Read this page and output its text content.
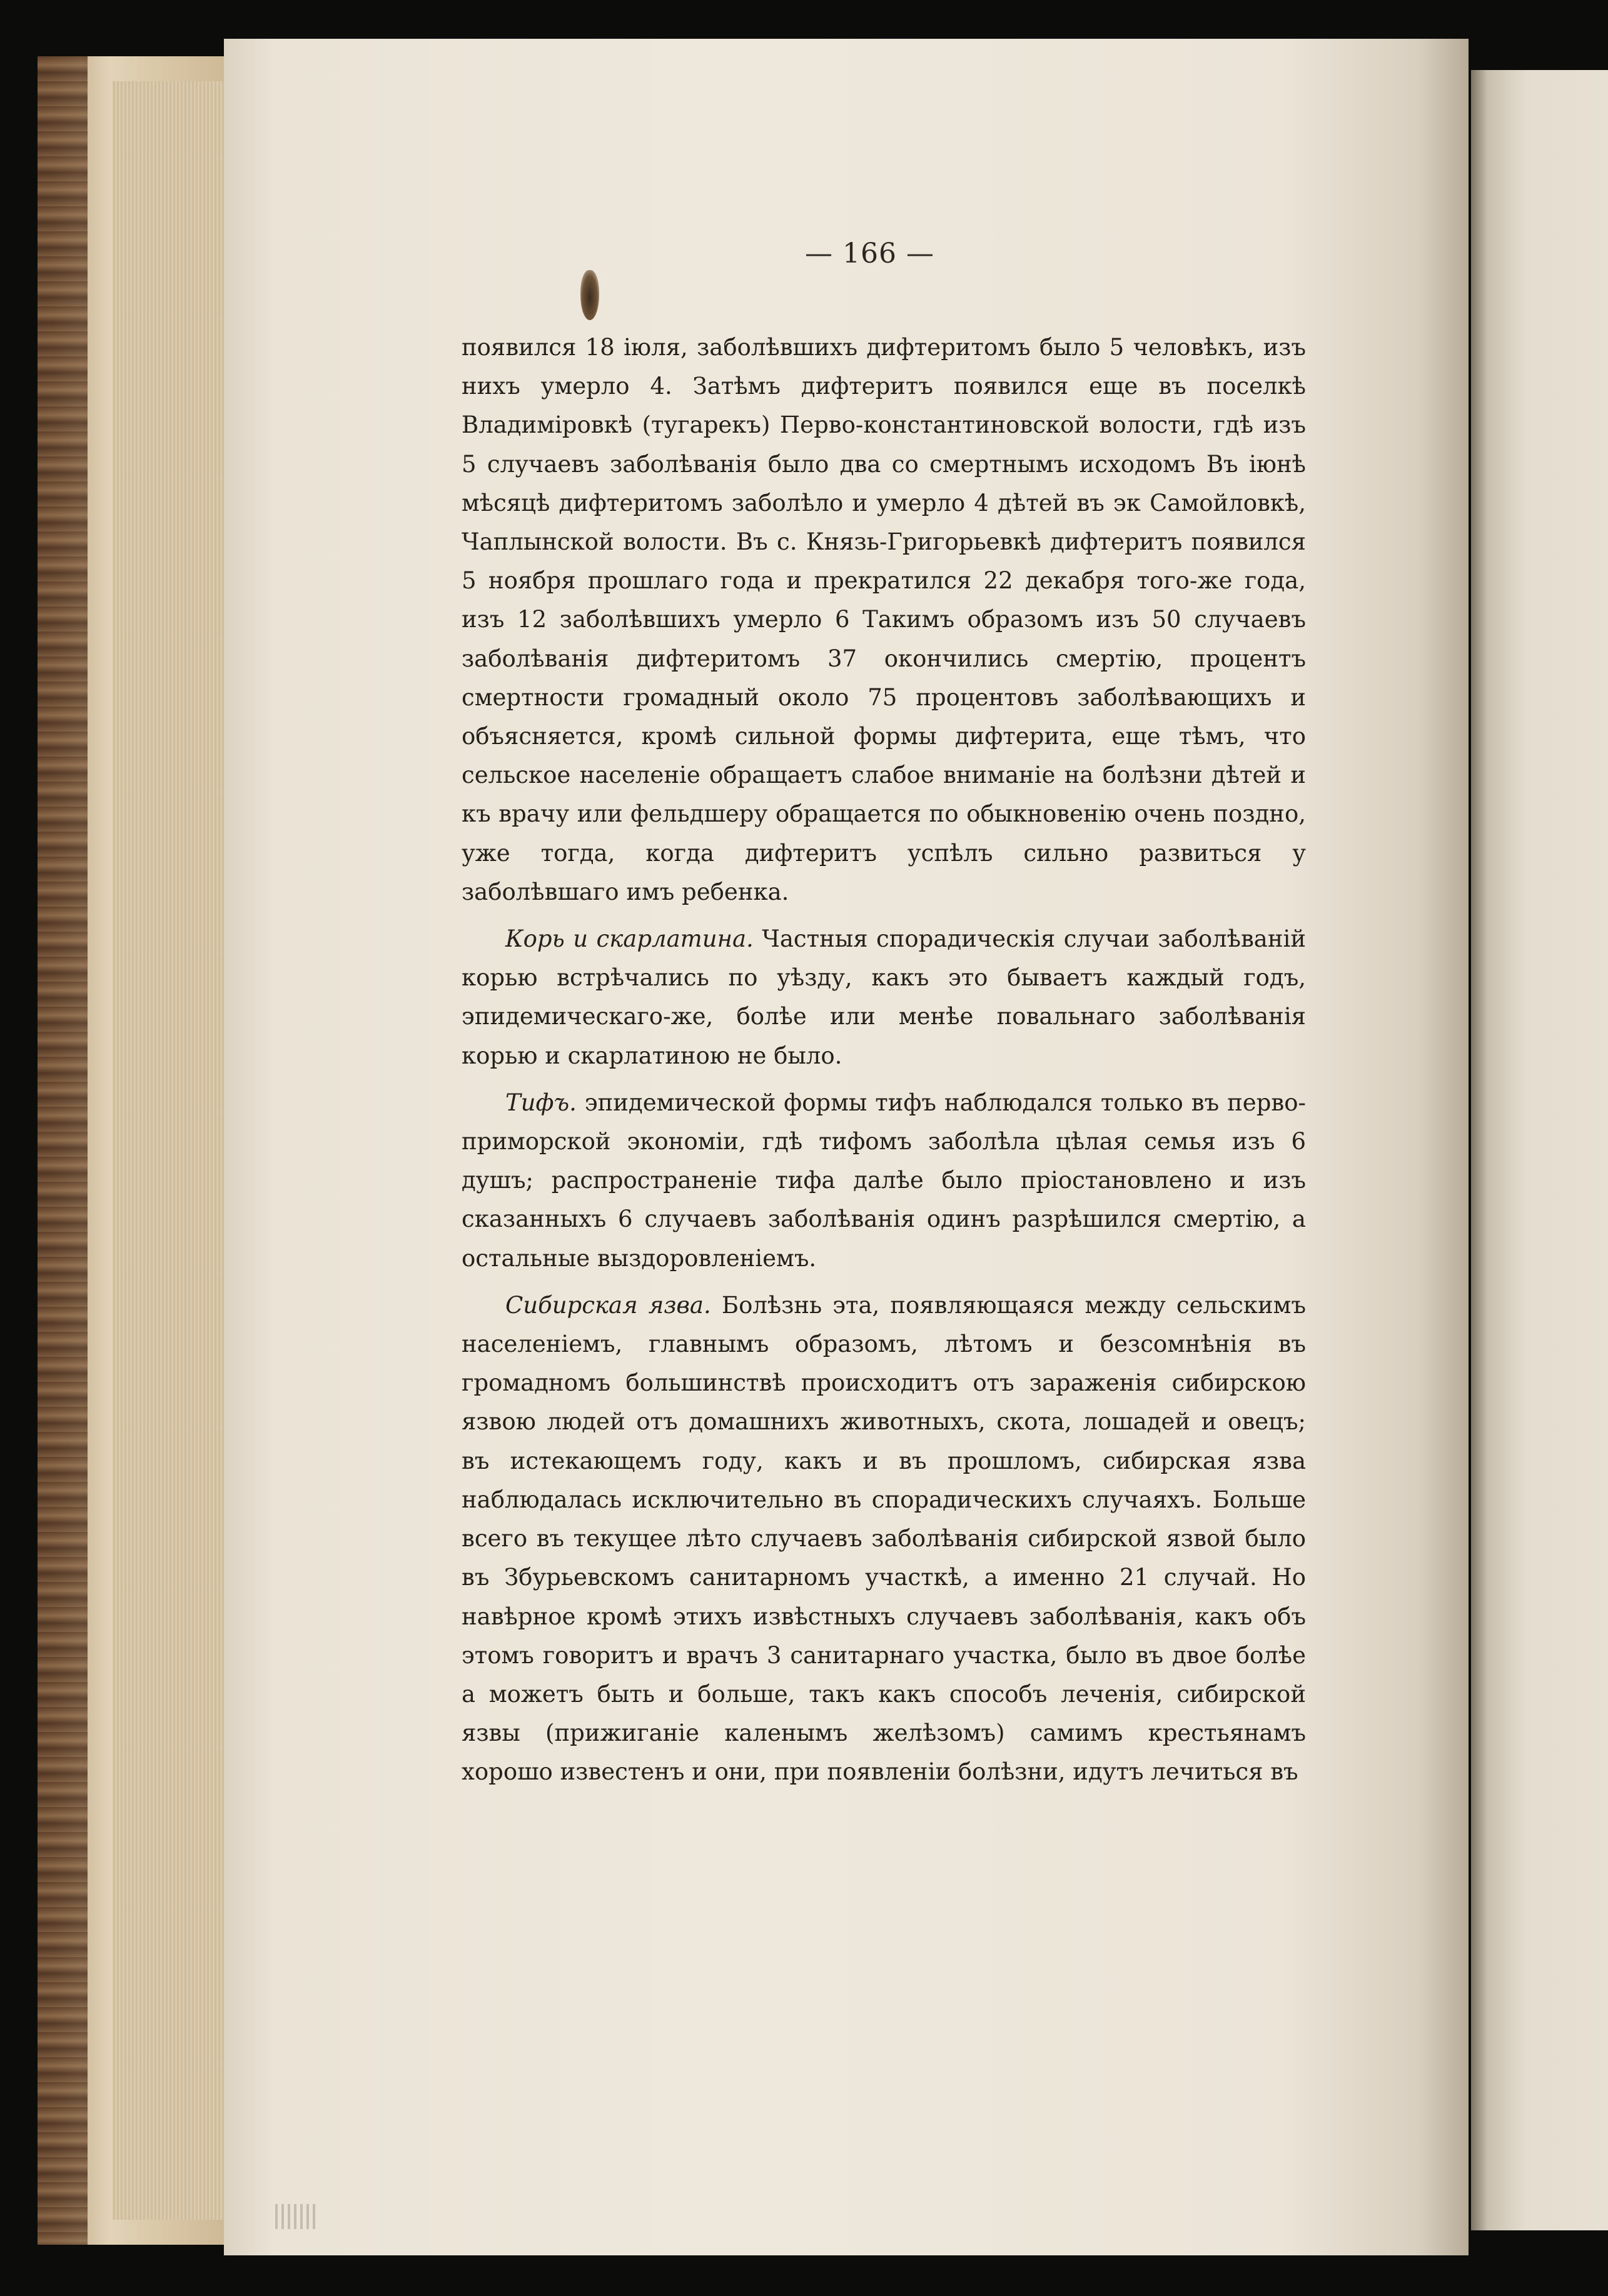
— 166 —

появился 18 іюля, заболѣвшихъ дифтеритомъ было 5 человѣкъ, изъ нихъ умерло 4. Затѣмъ дифтеритъ появился еще въ поселкѣ Владиміровкѣ (тугарекъ) Перво-константиновской волости, гдѣ изъ 5 случаевъ заболѣванія было два со смертнымъ исходомъ Въ іюнѣ мѣсяцѣ дифтеритомъ заболѣло и умерло 4 дѣтей въ эк Самойловкѣ, Чаплынской волости. Въ с. Князь-Григорьевкѣ дифтеритъ появился 5 ноября прошлаго года и прекратился 22 декабря того-же года, изъ 12 заболѣвшихъ умерло 6 Такимъ образомъ изъ 50 случаевъ заболѣванія дифтеритомъ 37 окончились смертію, процентъ смертности громадный около 75 процентовъ заболѣвающихъ и объясняется, кромѣ сильной формы дифтерита, еще тѣмъ, что сельское населеніе обращаетъ слабое вниманіе на болѣзни дѣтей и къ врачу или фельдшеру обращается по обыкновенію очень поздно, уже тогда, когда дифтеритъ успѣлъ сильно развиться у заболѣвшаго имъ ребенка.

Корь и скарлатина. Частныя спорадическія случаи заболѣваній корью встрѣчались по уѣзду, какъ это бываетъ каждый годъ, эпидемическаго-же, болѣе или менѣе повальнаго заболѣванія корью и скарлатиною не было.

Тифъ. эпидемической формы тифъ наблюдался только въ перво-приморской экономіи, гдѣ тифомъ заболѣла цѣлая семья изъ 6 душъ; распространеніе тифа далѣе было пріостановлено и изъ сказанныхъ 6 случаевъ заболѣванія одинъ разрѣшился смертію, а остальные выздоровленіемъ.

Сибирская язва. Болѣзнь эта, появляющаяся между сельскимъ населеніемъ, главнымъ образомъ, лѣтомъ и безсомнѣнія въ громадномъ большинствѣ происходитъ отъ зараженія сибирскою язвою людей отъ домашнихъ животныхъ, скота, лошадей и овецъ; въ истекающемъ году, какъ и въ прошломъ, сибирская язва наблюдалась исключительно въ спорадическихъ случаяхъ. Больше всего въ текущее лѣто случаевъ заболѣванія сибирской язвой было въ Збурьевскомъ санитарномъ участкѣ, а именно 21 случай. Но навѣрное кромѣ этихъ извѣстныхъ случаевъ заболѣванія, какъ объ этомъ говоритъ и врачъ 3 санитарнаго участка, было въ двое болѣе а можетъ быть и больше, такъ какъ способъ леченія, сибирской язвы (прижиганіе каленымъ желѣзомъ) самимъ крестьянамъ хорошо известенъ и они, при появленіи болѣзни, идутъ лечиться въ
